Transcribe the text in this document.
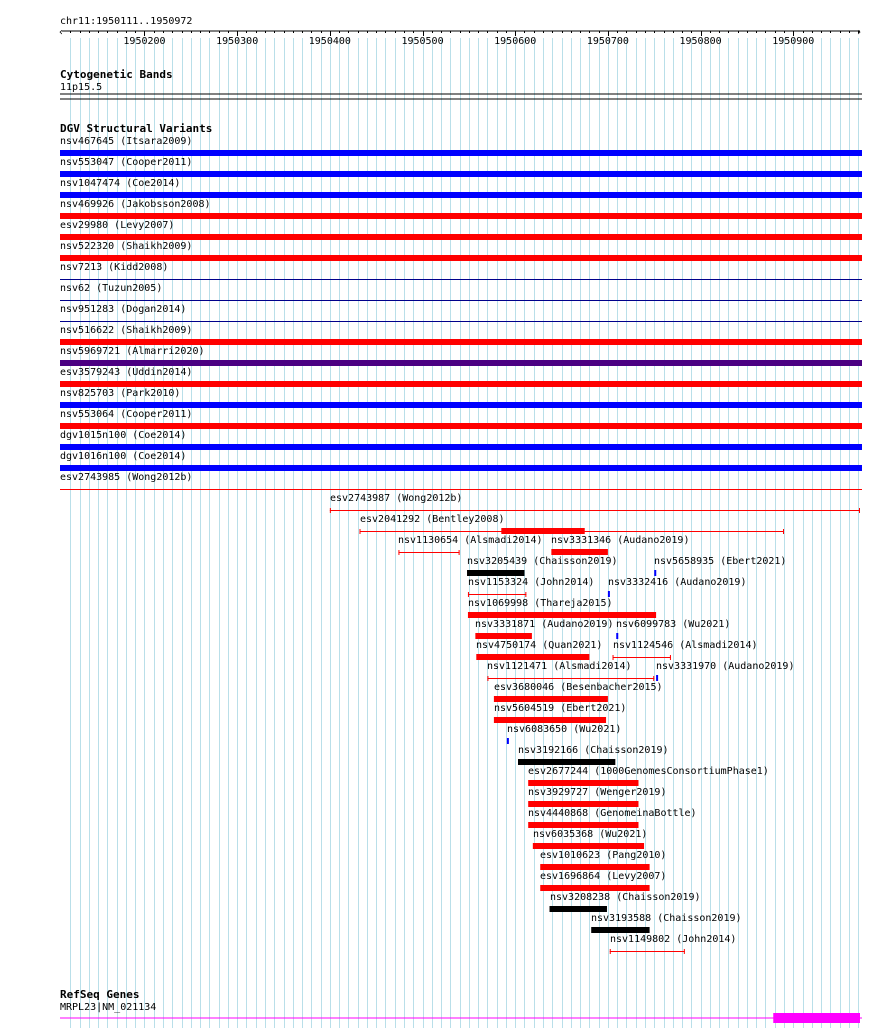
chr11:1950111..1950972
‹	›
1950200	1950300	1950400	1950500	1950600	1950700	1950800	1950900
Cytogenetic Bands
11p15.5
DGV Structural Variants
nsv467645 (Itsara2009)
nsv553047 (Cooper2011)
nsv1047474 (Coe2014)
nsv469926 (Jakobsson2008)
esv29980 (Levy2007)
nsv522320 (Shaikh2009)
nsv7213 (Kidd2008)
nsv62 (Tuzun2005)
nsv951283 (Dogan2014)
nsv516622 (Shaikh2009)
nsv5969721 (Almarri2020)
esv3579243 (Uddin2014)
nsv825703 (Park2010)
nsv553064 (Cooper2011)
dgv1015n100 (Coe2014)
dgv1016n100 (Coe2014)
esv2743985 (Wong2012b)
esv2743987 (Wong2012b)
esv2041292 (Bentley2008)
nsv1130654 (Alsmadi2014) nsv3331346 (Audano2019)
nsv3205439 (Chaisson2019)	nsv5658935 (Ebert2021)
nsv1153324 (John2014) nsv3332416 (Audano2019)
nsv1069998 (Thareja2015)
nsv3331871 (Audano2019) nsv6099783 (Wu2021)
nsv4750174 (Quan2021) nsv1124546 (Alsmadi2014)
nsv1121471 (Alsmadi2014) nsv3331970 (Audano2019)
esv3680046 (Besenbacher2015)
nsv5604519 (Ebert2021)
nsv6083650 (Wu2021)
nsv3192166 (Chaisson2019)
esv2677244 (1000GenomesConsortiumPhase1)
nsv3929727 (Wenger2019)
nsv4440868 (GenomeinaBottle)
nsv6035368 (Wu2021)
esv1010623 (Pang2010)
esv1696864 (Levy2007)
nsv3208238 (Chaisson2019)
nsv3193588 (Chaisson2019)
nsv1149802 (John2014)
RefSeq Genes
MRPL23|NM_021134
